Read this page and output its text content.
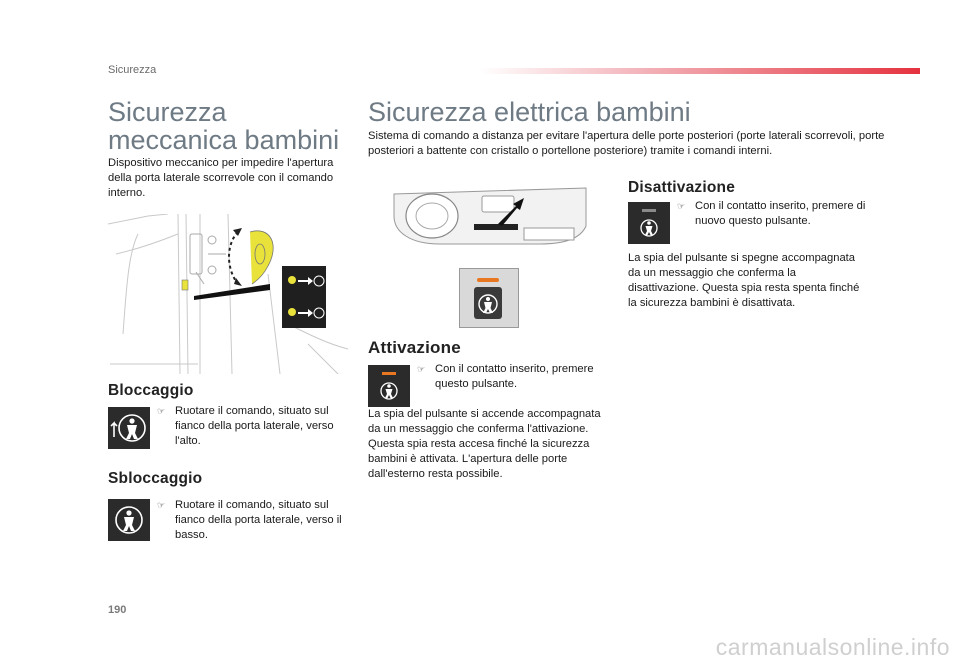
Sicurezza
Sicurezza
meccanica bambini

Dispositivo meccanico per impedire l'apertura della porta laterale scorrevole con il comando interno.

Bloccaggio
☞ Ruotare il comando, situato sul fianco della porta laterale, verso l'alto.
Sbloccaggio
☞ Ruotare il comando, situato sul fianco della porta laterale, verso il basso.
Sicurezza elettrica bambini

Sistema di comando a distanza per evitare l'apertura delle porte posteriori (porte laterali scorrevoli, porte posteriori a battente con cristallo o portellone posteriore) tramite i comandi interni.

Attivazione
☞ Con il contatto inserito, premere questo pulsante.

La spia del pulsante si accende accompagnata da un messaggio che conferma l'attivazione. Questa spia resta accesa finché la sicurezza bambini è attivata. L'apertura delle porte dall'esterno resta possibile.

Disattivazione
☞ Con il contatto inserito, premere di nuovo questo pulsante.

La spia del pulsante si spegne accompagnata da un messaggio che conferma la disattivazione. Questa spia resta spenta finché la sicurezza bambini è disattivata.

190
carmanualsonline.info
